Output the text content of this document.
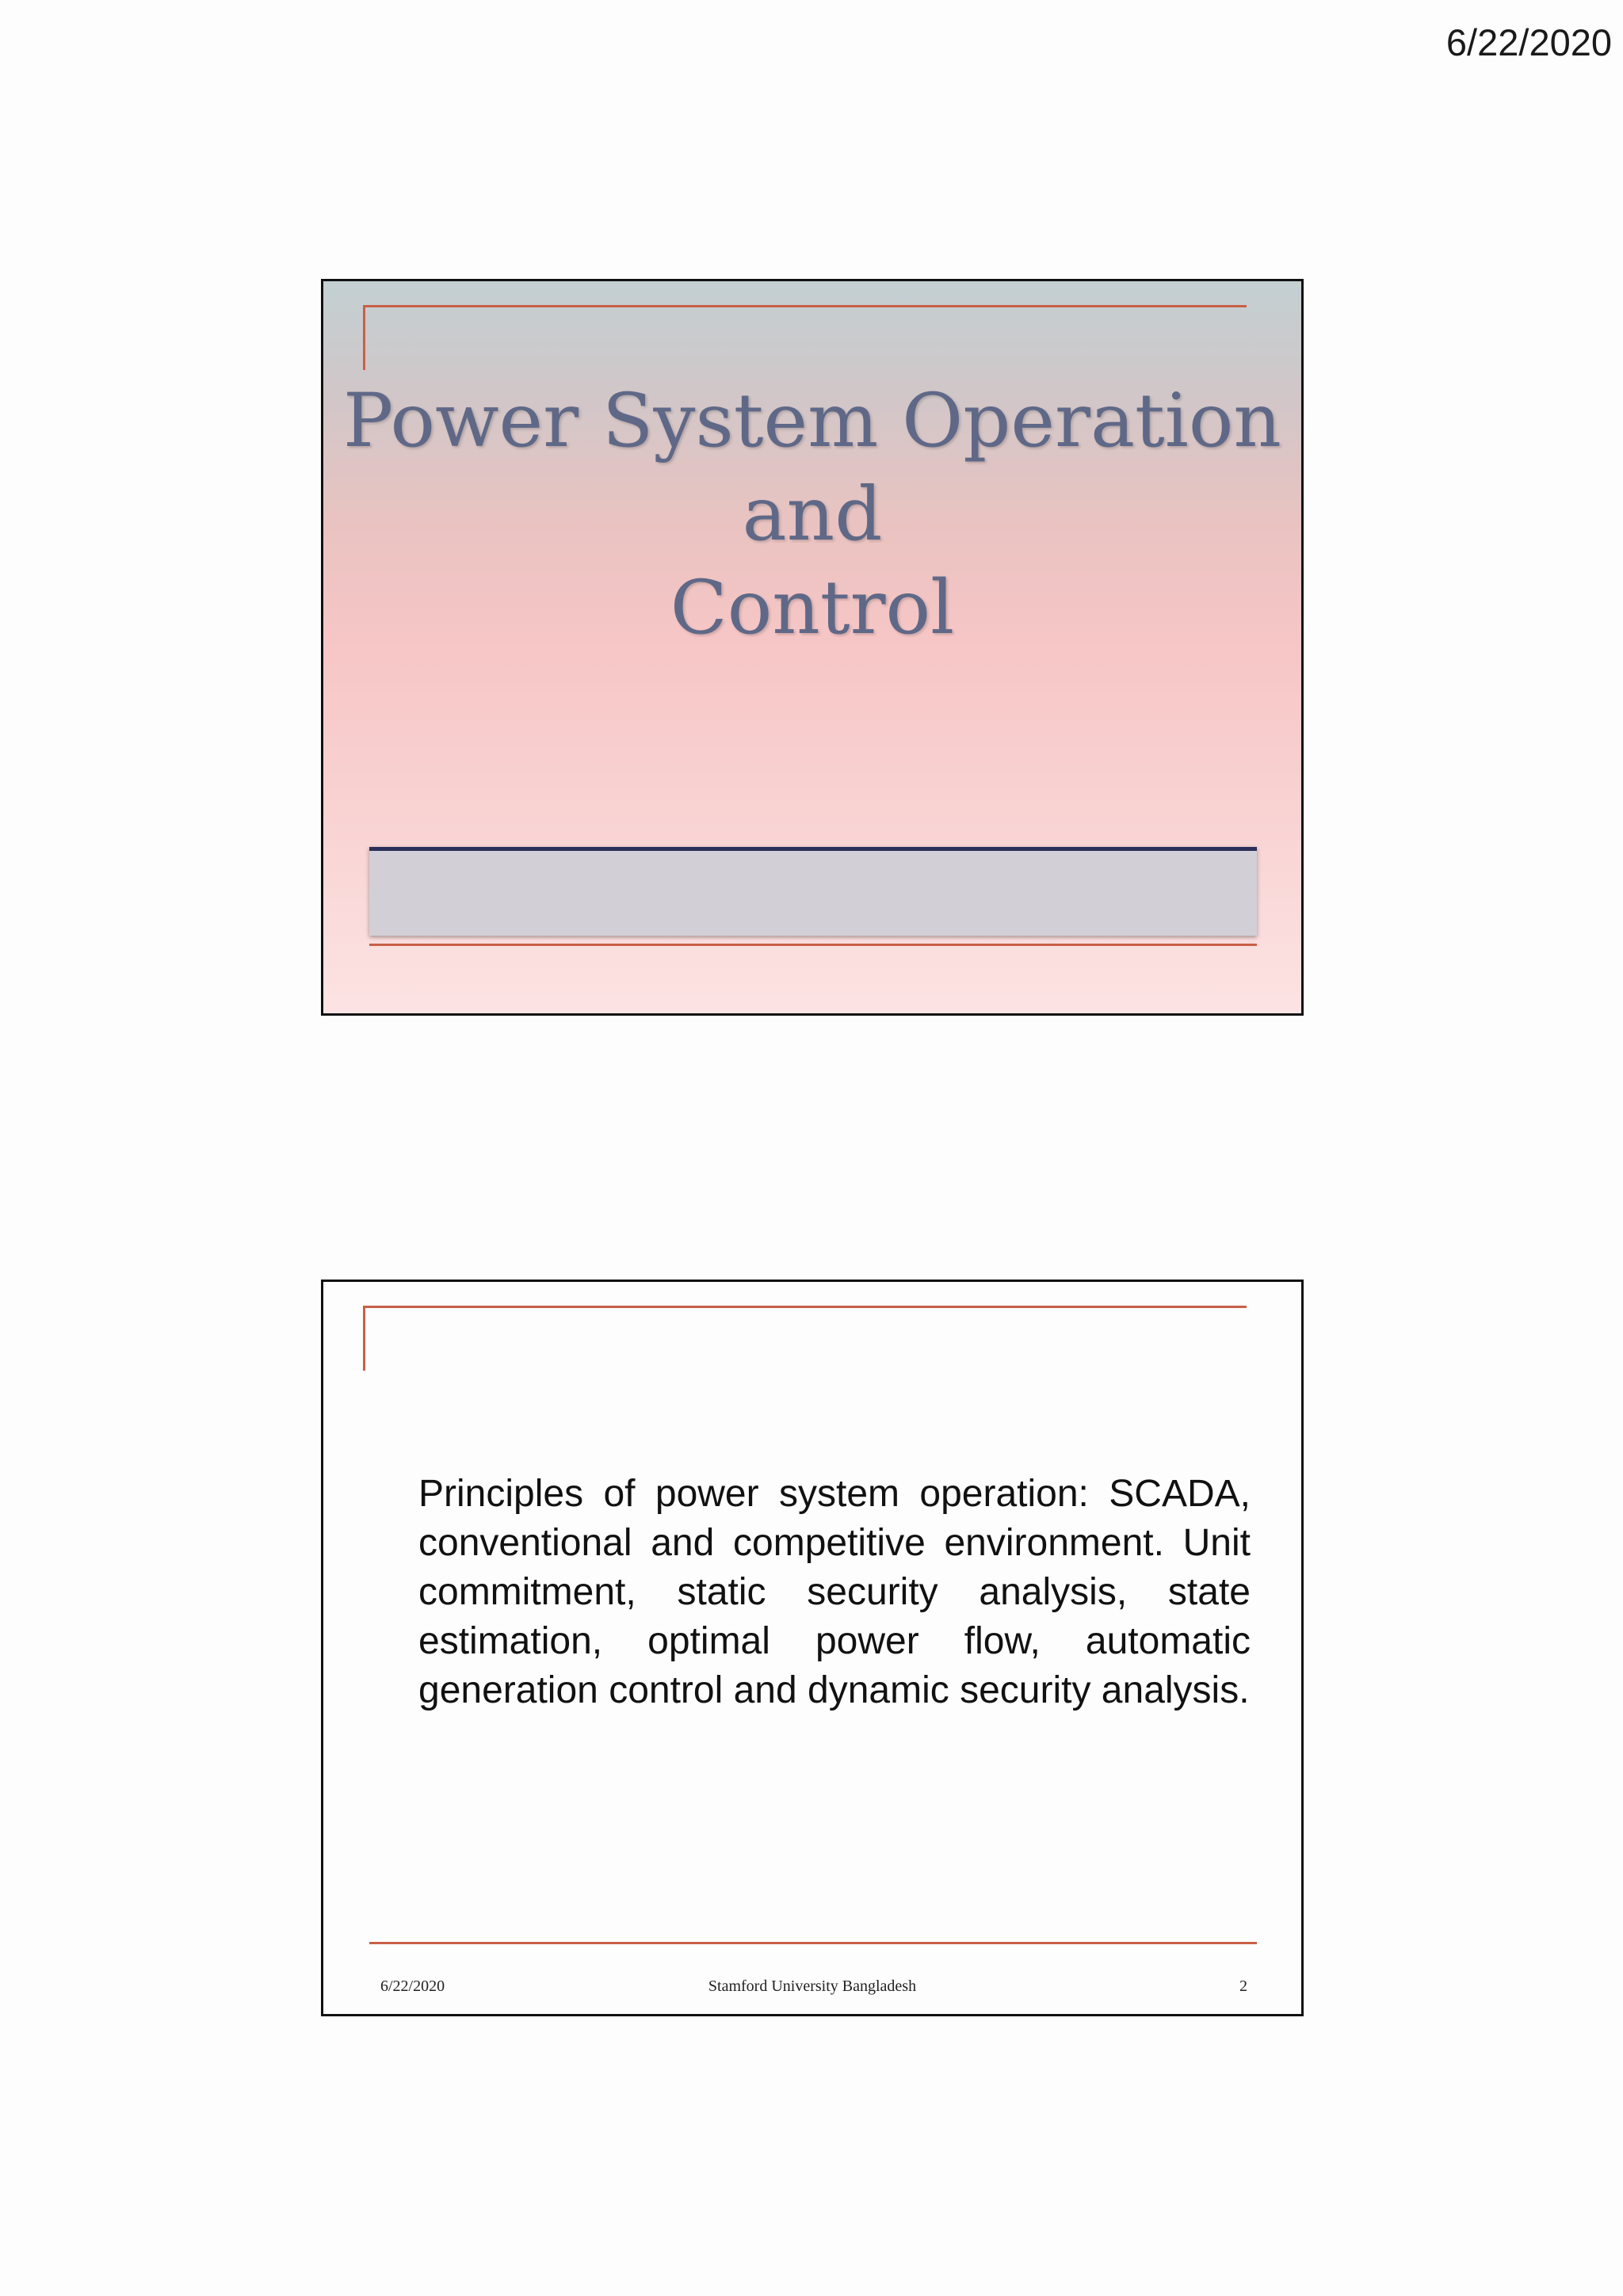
6/22/2020
Power System Operation
and
Control
Principles of power system operation: SCADA, conventional and competitive environment. Unit commitment, static security analysis, state estimation, optimal power flow, automatic generation control and dynamic security analysis.
6/22/2020	Stamford University Bangladesh	2
